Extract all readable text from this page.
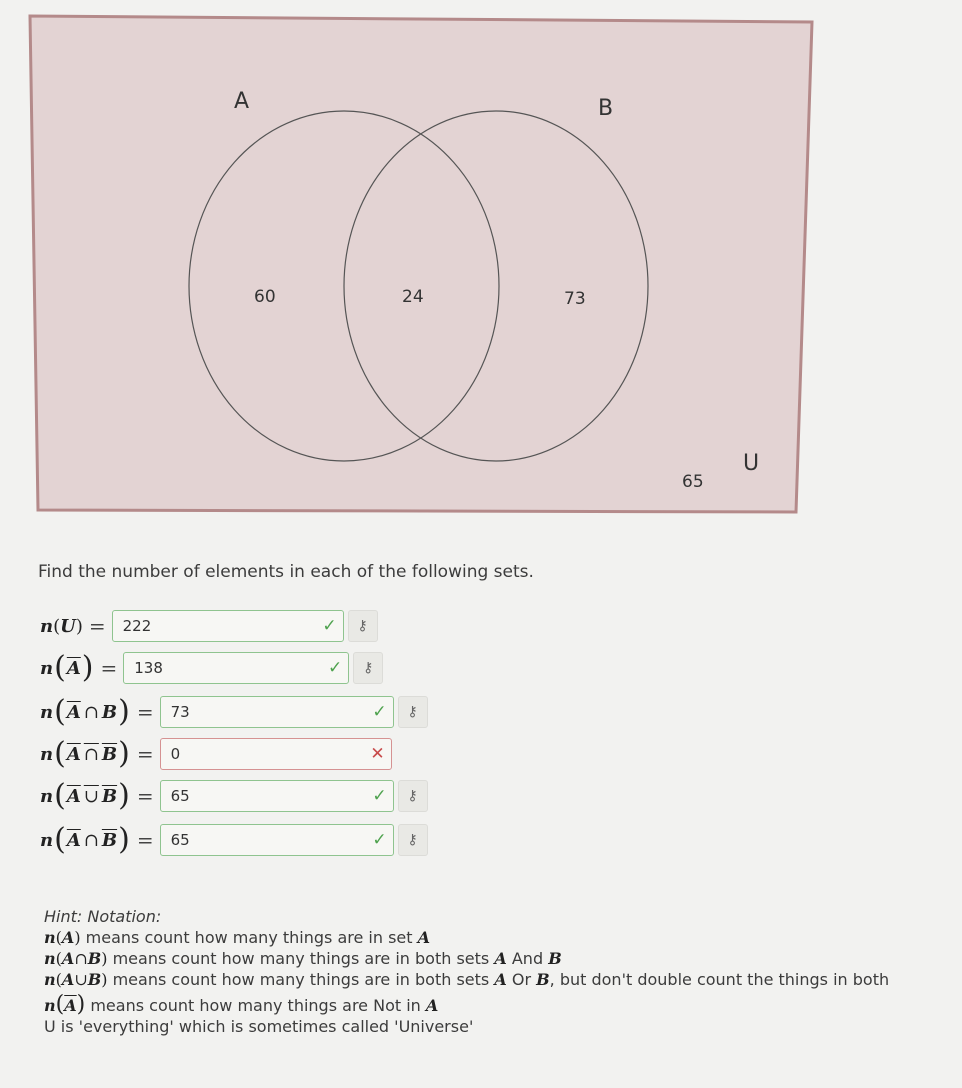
A	B
U
60	24	73
65

Find the number of elements in each of the following sets.

n ( U ) =	222	✓	⚷
n ( $\overline{A}$ ) =	138	✓	⚷
n ( $\overline{A}$ ∩ B ) =	73	✓	⚷
n ( A ∩ B ) =	0	✕
n ( A ∪ B ) =	65	✓	⚷
n ( $\overline{A}$ ∩ $\overline{B}$ ) =	65	✓	⚷

Hint: Notation:

n(A) means count how many things are in set A

n(A∩B) means count how many things are in both sets A And B

n(A∪B) means count how many things are in both sets A Or B, but don't double count the things in both

$n(\overline{A})$ means count how many things are Not in A

U is 'everything' which is sometimes called 'Universe'
